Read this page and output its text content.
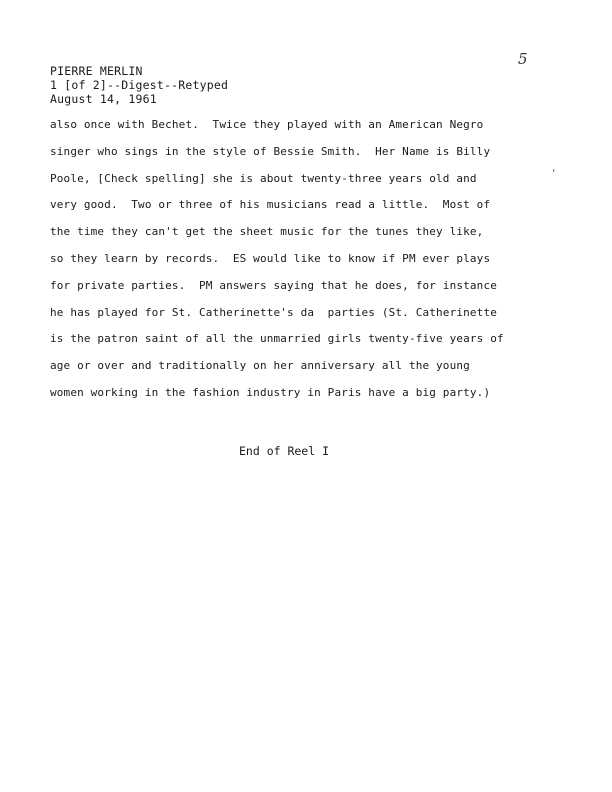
5
PIERRE MERLIN
1 [of 2]--Digest--Retyped
August 14, 1961
also once with Bechet.  Twice they played with an American Negro
singer who sings in the style of Bessie Smith.  Her Name is Billy
Poole, [Check spelling] she is about twenty-three years old and
very good.  Two or three of his musicians read a little.  Most of
the time they can't get the sheet music for the tunes they like,
so they learn by records.  ES would like to know if PM ever plays
for private parties.  PM answers saying that he does, for instance
he has played for St. Catherinette's da  parties (St. Catherinette
is the patron saint of all the unmarried girls twenty-five years of
age or over and traditionally on her anniversary all the young
women working in the fashion industry in Paris have a big party.)
,
End of Reel I
